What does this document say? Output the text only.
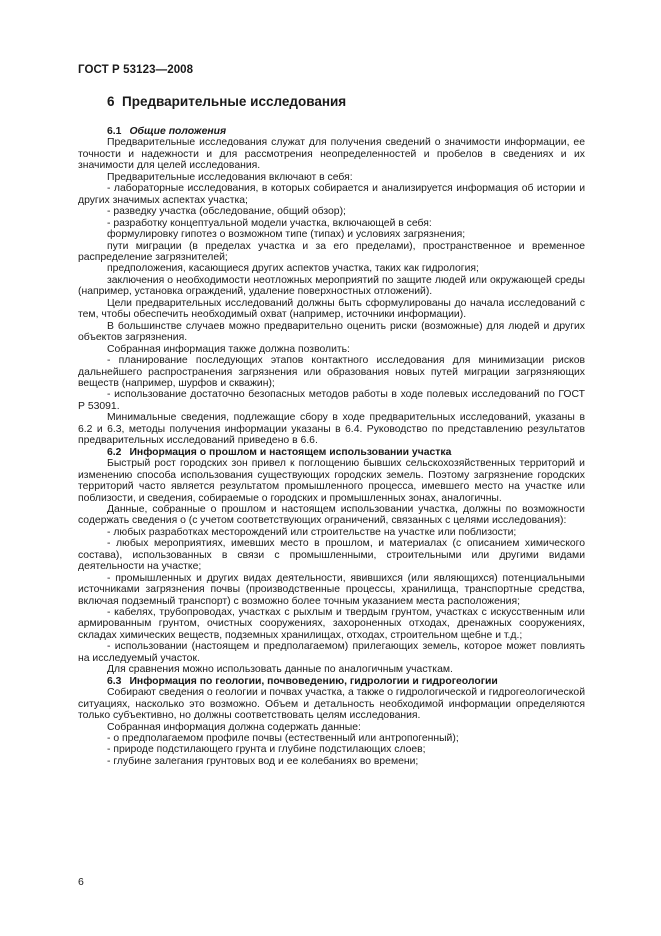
ГОСТ Р 53123—2008
6 Предварительные исследования

6.1 Общие положения

Предварительные исследования служат для получения сведений о значимости информации, ее точности и надежности и для рассмотрения неопределенностей и пробелов в сведениях и их значимости для целей исследования.

Предварительные исследования включают в себя:

- лабораторные исследования, в которых собирается и анализируется информация об истории и других значимых аспектах участка;

- разведку участка (обследование, общий обзор);

- разработку концептуальной модели участка, включающей в себя:

формулировку гипотез о возможном типе (типах) и условиях загрязнения;

пути миграции (в пределах участка и за его пределами), пространственное и временное распределение загрязнителей;

предположения, касающиеся других аспектов участка, таких как гидрология;

заключения о необходимости неотложных мероприятий по защите людей или окружающей среды (например, установка ограждений, удаление поверхностных отложений).

Цели предварительных исследований должны быть сформулированы до начала исследований с тем, чтобы обеспечить необходимый охват (например, источники информации).

В большинстве случаев можно предварительно оценить риски (возможные) для людей и других объектов загрязнения.

Собранная информация также должна позволить:

- планирование последующих этапов контактного исследования для минимизации рисков дальнейшего распространения загрязнения или образования новых путей миграции загрязняющих веществ (например, шурфов и скважин);

- использование достаточно безопасных методов работы в ходе полевых исследований по ГОСТ Р 53091.

Минимальные сведения, подлежащие сбору в ходе предварительных исследований, указаны в 6.2 и 6.3, методы получения информации указаны в 6.4. Руководство по представлению результатов предварительных исследований приведено в 6.6.

6.2 Информация о прошлом и настоящем использовании участка

Быстрый рост городских зон привел к поглощению бывших сельскохозяйственных территорий и изменению способа использования существующих городских земель. Поэтому загрязнение городских территорий часто является результатом промышленного процесса, имевшего место на участке или поблизости, и сведения, собираемые о городских и промышленных зонах, аналогичны.

Данные, собранные о прошлом и настоящем использовании участка, должны по возможности содержать сведения о (с учетом соответствующих ограничений, связанных с целями исследования):

- любых разработках месторождений или строительстве на участке или поблизости;

- любых мероприятиях, имевших место в прошлом, и материалах (с описанием химического состава), использованных в связи с промышленными, строительными или другими видами деятельности на участке;

- промышленных и других видах деятельности, явившихся (или являющихся) потенциальными источниками загрязнения почвы (производственные процессы, хранилища, транспортные средства, включая подземный транспорт) с возможно более точным указанием места расположения;

- кабелях, трубопроводах, участках с рыхлым и твердым грунтом, участках с искусственным или армированным грунтом, очистных сооружениях, захороненных отходах, дренажных сооружениях, складах химических веществ, подземных хранилищах, отходах, строительном щебне и т.д.;

- использовании (настоящем и предполагаемом) прилегающих земель, которое может повлиять на исследуемый участок.

Для сравнения можно использовать данные по аналогичным участкам.

6.3 Информация по геологии, почвоведению, гидрологии и гидрогеологии

Собирают сведения о геологии и почвах участка, а также о гидрологической и гидрогеологической ситуациях, насколько это возможно. Объем и детальность необходимой информации определяются только субъективно, но должны соответствовать целям исследования.

Собранная информация должна содержать данные:

- о предполагаемом профиле почвы (естественный или антропогенный);

- природе подстилающего грунта и глубине подстилающих слоев;

- глубине залегания грунтовых вод и ее колебаниях во времени;

6
